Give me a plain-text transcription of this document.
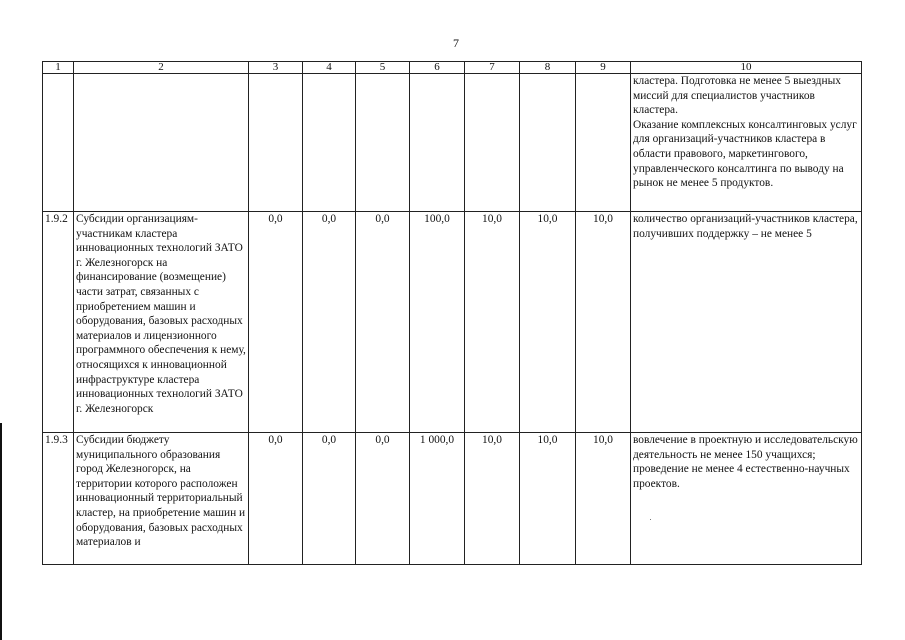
7
1	2	3	4	5	6	7	8	9	10
									кластера. Подготовка не менее 5 выездных миссий для специалистов участников кластера.
Оказание комплексных консалтинговых услуг для организаций-участников кластера в области правового, маркетингового, управленческого консалтинга по выводу на рынок не менее 5 продуктов.
1.9.2	Субсидии организациям-участникам кластера инновационных технологий ЗАТО г. Железногорск на финансирование (возмещение) части затрат, связанных с приобретением машин и оборудования, базовых расходных материалов и лицензионного программного обеспечения к нему, относящихся к инновационной инфраструктуре кластера инновационных технологий ЗАТО г. Железногорск	0,0	0,0	0,0	100,0	10,0	10,0	10,0	количество организаций-участников кластера, получивших поддержку – не менее 5
1.9.3	Субсидии бюджету муниципального образования город Железногорск, на территории которого расположен инновационный территориальный кластер, на приобретение машин и оборудования, базовых расходных материалов и	0,0	0,0	0,0	1 000,0	10,0	10,0	10,0	вовлечение в проектную и исследовательскую деятельность не менее 150 учащихся; проведение не менее 4 естественно-научных проектов.
